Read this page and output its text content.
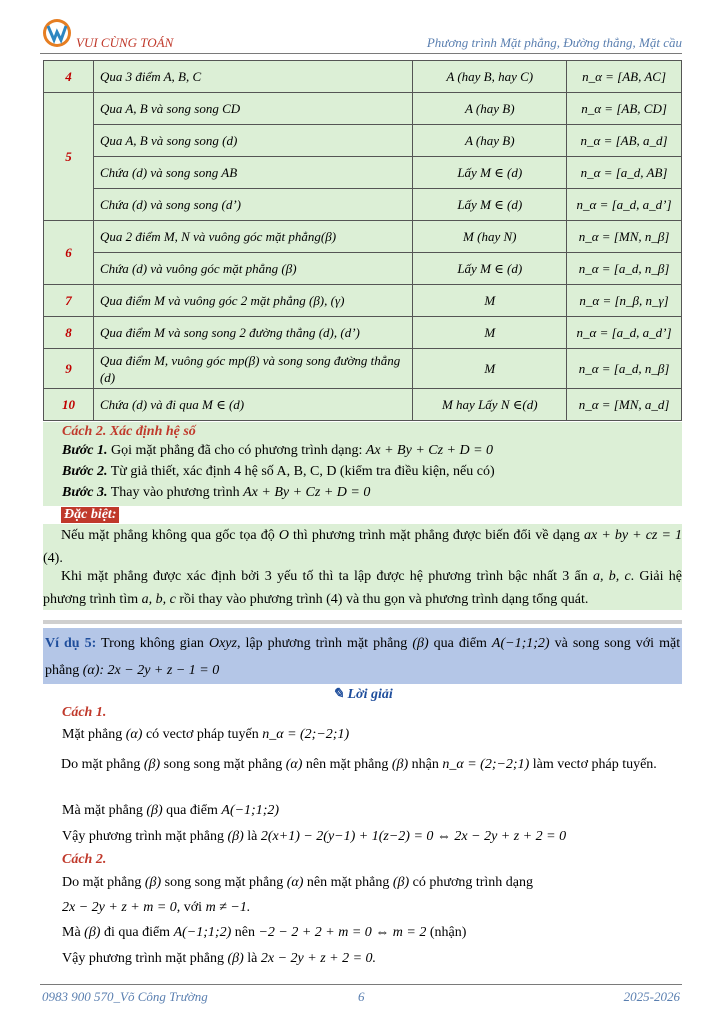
VUI CÙNG TOÁN	Phương trình Mặt phẳng, Đường thẳng, Mặt cầu
4	Qua 3 điểm A, B, C	A (hay B, hay C)	n_α = [AB, AC]
5	Qua A, B và song song CD	A (hay B)	n_α = [AB, CD]
	Qua A, B và song song (d)	A (hay B)	n_α = [AB, a_d]
	Chứa (d) và song song AB	Lấy M ∈ (d)	n_α = [a_d, AB]
	Chứa (d) và song song (d’)	Lấy M ∈ (d)	n_α = [a_d, a_d’]
6	Qua 2 điểm M, N và vuông góc mặt phẳng(β)	M (hay N)	n_α = [MN, n_β]
	Chứa (d) và vuông góc mặt phẳng (β)	Lấy M ∈ (d)	n_α = [a_d, n_β]
7	Qua điểm M và vuông góc 2 mặt phẳng (β), (γ)	M	n_α = [n_β, n_γ]
8	Qua điểm M và song song 2 đường thẳng (d), (d’)	M	n_α = [a_d, a_d’]
9	Qua điểm M, vuông góc mp(β) và song song đường thẳng (d)	M	n_α = [a_d, n_β]
10	Chứa (d) và đi qua M ∈ (d)	M hay Lấy N ∈(d)	n_α = [MN, a_d]
Cách 2. Xác định hệ số
Bước 1. Gọi mặt phẳng đã cho có phương trình dạng: Ax + By + Cz + D = 0
Bước 2. Từ giả thiết, xác định 4 hệ số A, B, C, D (kiểm tra điều kiện, nếu có)
Bước 3. Thay vào phương trình Ax + By + Cz + D = 0
Đặc biệt:
Nếu mặt phẳng không qua gốc tọa độ O thì phương trình mặt phẳng được biến đổi về dạng ax + by + cz = 1 (4).
Khi mặt phẳng được xác định bởi 3 yếu tố thì ta lập được hệ phương trình bậc nhất 3 ẩn a, b, c. Giải hệ phương trình tìm a, b, c rồi thay vào phương trình (4) và thu gọn và phương trình dạng tổng quát.
Ví dụ 5: Trong không gian Oxyz, lập phương trình mặt phẳng (β) qua điểm A(−1;1;2) và song song với mặt phẳng (α): 2x − 2y + z − 1 = 0
✎ Lời giải
Cách 1.
Mặt phẳng (α) có vectơ pháp tuyến n_α = (2;−2;1)
Do mặt phẳng (β) song song mặt phẳng (α) nên mặt phẳng (β) nhận n_α = (2;−2;1) làm vectơ pháp tuyến.
Mà mặt phẳng (β) qua điểm A(−1;1;2)
Vậy phương trình mặt phẳng (β) là 2(x+1) − 2(y−1) + 1(z−2) = 0 ⇔ 2x − 2y + z + 2 = 0
Cách 2.
Do mặt phẳng (β) song song mặt phẳng (α) nên mặt phẳng (β) có phương trình dạng
2x − 2y + z + m = 0, với m ≠ −1.
Mà (β) đi qua điểm A(−1;1;2) nên −2 − 2 + 2 + m = 0 ⇔ m = 2 (nhận)
Vậy phương trình mặt phẳng (β) là 2x − 2y + z + 2 = 0.
0983 900 570_Võ Công Trường	6	2025-2026
